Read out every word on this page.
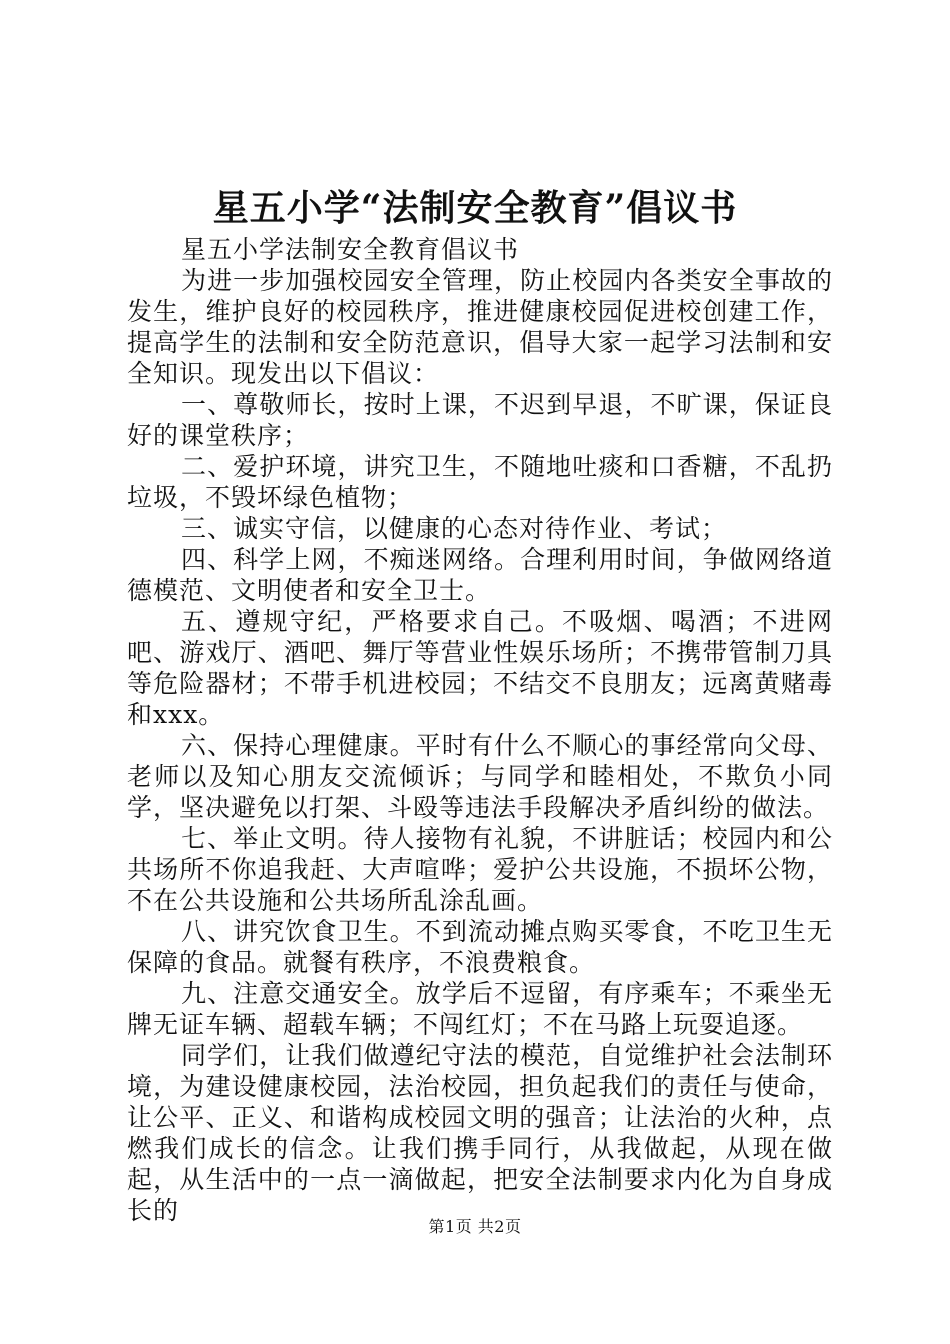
星五小学“法制安全教育”倡议书

星五小学法制安全教育倡议书

为进一步加强校园安全管理，防止校园内各类安全事故的发生，维护良好的校园秩序，推进健康校园促进校创建工作，提高学生的法制和安全防范意识，倡导大家一起学习法制和安全知识。现发出以下倡议：

一、尊敬师长，按时上课，不迟到早退，不旷课，保证良好的课堂秩序；

二、爱护环境，讲究卫生，不随地吐痰和口香糖，不乱扔垃圾，不毁坏绿色植物；

三、诚实守信，以健康的心态对待作业、考试；

四、科学上网，不痴迷网络。合理利用时间，争做网络道德模范、文明使者和安全卫士。

五、遵规守纪，严格要求自己。不吸烟、喝酒；不进网吧、游戏厅、酒吧、舞厅等营业性娱乐场所；不携带管制刀具等危险器材；不带手机进校园；不结交不良朋友；远离黄赌毒和xxx。

六、保持心理健康。平时有什么不顺心的事经常向父母、老师以及知心朋友交流倾诉；与同学和睦相处，不欺负小同学，坚决避免以打架、斗殴等违法手段解决矛盾纠纷的做法。

七、举止文明。待人接物有礼貌，不讲脏话；校园内和公共场所不你追我赶、大声喧哗；爱护公共设施，不损坏公物，不在公共设施和公共场所乱涂乱画。

八、讲究饮食卫生。不到流动摊点购买零食，不吃卫生无保障的食品。就餐有秩序，不浪费粮食。

九、注意交通安全。放学后不逗留，有序乘车；不乘坐无牌无证车辆、超载车辆；不闯红灯；不在马路上玩耍追逐。

同学们，让我们做遵纪守法的模范，自觉维护社会法制环境，为建设健康校园，法治校园，担负起我们的责任与使命，让公平、正义、和谐构成校园文明的强音；让法治的火种，点燃我们成长的信念。让我们携手同行，从我做起，从现在做起，从生活中的一点一滴做起，把安全法制要求内化为自身成长的

第1页 共2页
